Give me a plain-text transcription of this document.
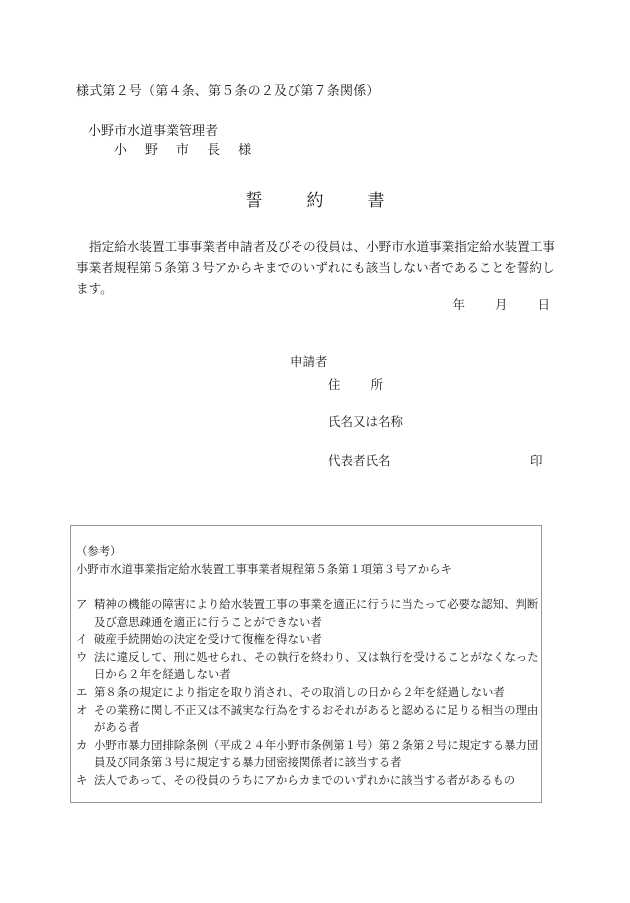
様式第２号（第４条、第５条の２及び第７条関係）
小野市水道事業管理者
小 野 市 長 様
誓	約	書
指定給水装置工事事業者申請者及びその役員は、小野市水道事業指定給水装置工事事業者規程第５条第３号アからキまでのいずれにも該当しない者であることを誓約します。
年 月 日
申請者
住 所
氏名又は名称
代表者氏名	印
（参考）
小野市水道事業指定給水装置工事事業者規程第５条第１項第３号アからキ
ア 精神の機能の障害により給水装置工事の事業を適正に行うに当たって必要な認知、判断及び意思疎通を適正に行うことができない者
イ 破産手続開始の決定を受けて復権を得ない者
ウ 法に違反して、刑に処せられ、その執行を終わり、又は執行を受けることがなくなった日から２年を経過しない者
エ 第８条の規定により指定を取り消され、その取消しの日から２年を経過しない者
オ その業務に関し不正又は不誠実な行為をするおそれがあると認めるに足りる相当の理由がある者
カ 小野市暴力団排除条例（平成２４年小野市条例第１号）第２条第２号に規定する暴力団員及び同条第３号に規定する暴力団密接関係者に該当する者
キ 法人であって、その役員のうちにアからカまでのいずれかに該当する者があるもの
